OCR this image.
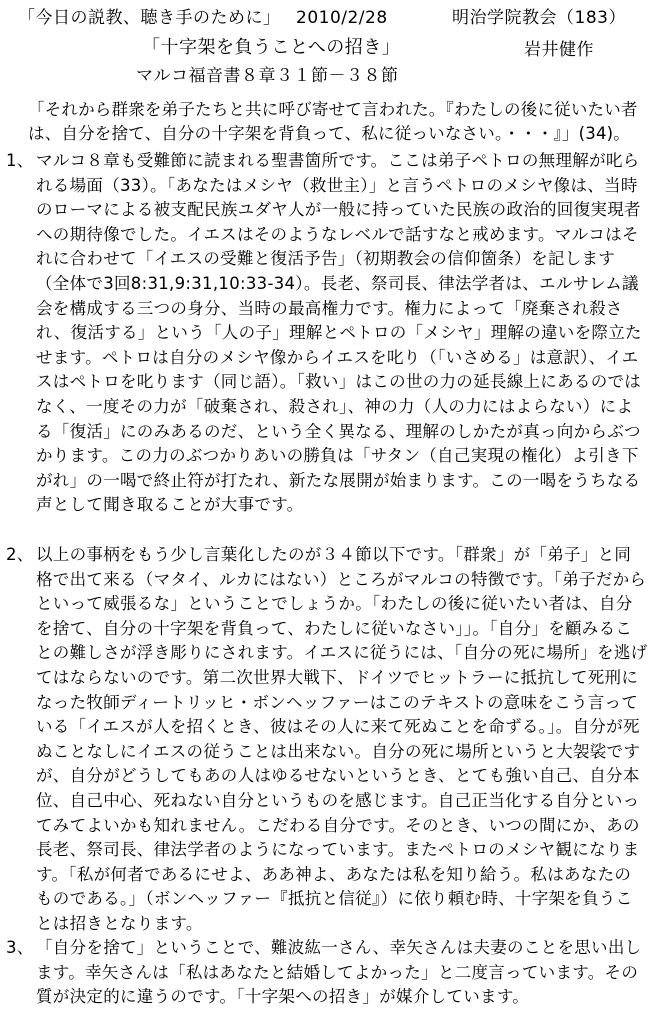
「今日の説教、聴き手のために」 2010/2/28	明治学院教会（183）
「十字架を負うことへの招き」	岩井健作
マルコ福音書８章３１節－３８節
「それから群衆を弟子たちと共に呼び寄せて言われた。『わたしの後に従いたい者は、自分を捨て、自分の十字架を背負って、私に従っいなさい。・・・』」(34)。
1、 マルコ８章も受難節に読まれる聖書箇所です。ここは弟子ペトロの無理解が叱られる場面（33）。「あなたはメシヤ（救世主）」と言うペトロのメシヤ像は、当時のローマによる被支配民族ユダヤ人が一般に持っていた民族の政治的回復実現者への期待像でした。イエスはそのようなレベルで話すなと戒めます。マルコはそれに合わせて「イエスの受難と復活予告」（初期教会の信仰箇条）を記します（全体で3回8:31,9:31,10:33-34）。長老、祭司長、律法学者は、エルサレム議会を構成する三つの身分、当時の最高権力です。権力によって「廃棄され殺され、復活する」という「人の子」理解とペトロの「メシヤ」理解の違いを際立たせます。ペトロは自分のメシヤ像からイエスを叱り（「いさめる」は意訳）、イエスはペトロを叱ります（同じ語）。「救い」はこの世の力の延長線上にあるのではなく、一度その力が「破棄され、殺され」、神の力（人の力にはよらない）による「復活」にのみあるのだ、という全く異なる、理解のしかたが真っ向からぶつかります。この力のぶつかりあいの勝負は「サタン（自己実現の権化）よ引き下がれ」の一喝で終止符が打たれ、新たな展開が始まります。この一喝をうちなる声として聞き取ることが大事です。
2、 以上の事柄をもう少し言葉化したのが３４節以下です。「群衆」が「弟子」と同格で出て来る（マタイ、ルカにはない）ところがマルコの特徴です。「弟子だからといって威張るな」ということでしょうか。「わたしの後に従いたい者は、自分を捨て、自分の十字架を背負って、わたしに従いなさい」」。「自分」を顧みることの難しさが浮き彫りにされます。イエスに従うには、「自分の死に場所」を逃げてはならないのです。第二次世界大戦下、ドイツでヒットラーに抵抗して死刑になった牧師ディートリッヒ・ボンヘッファーはこのテキストの意味をこう言っている「イエスが人を招くとき、彼はその人に来て死ぬことを命ずる。」。自分が死ぬことなしにイエスの従うことは出来ない。自分の死に場所というと大袈裟ですが、自分がどうしてもあの人はゆるせないというとき、とても強い自己、自分本位、自己中心、死ねない自分というものを感じます。自己正当化する自分といってみてよいかも知れません。こだわる自分です。そのとき、いつの間にか、あの長老、祭司長、律法学者のようになっています。またペトロのメシヤ観になります。「私が何者であるにせよ、ああ神よ、あなたは私を知り給う。私はあなたのものである。」（ボンヘッファー『抵抗と信従』）に依り頼む時、十字架を負うことは招きとなります。
3、 「自分を捨て」ということで、難波紘一さん、幸矢さんは夫妻のことを思い出します。幸矢さんは「私はあなたと結婚してよかった」と二度言っています。その質が決定的に違うのです。「十字架への招き」が媒介しています。
